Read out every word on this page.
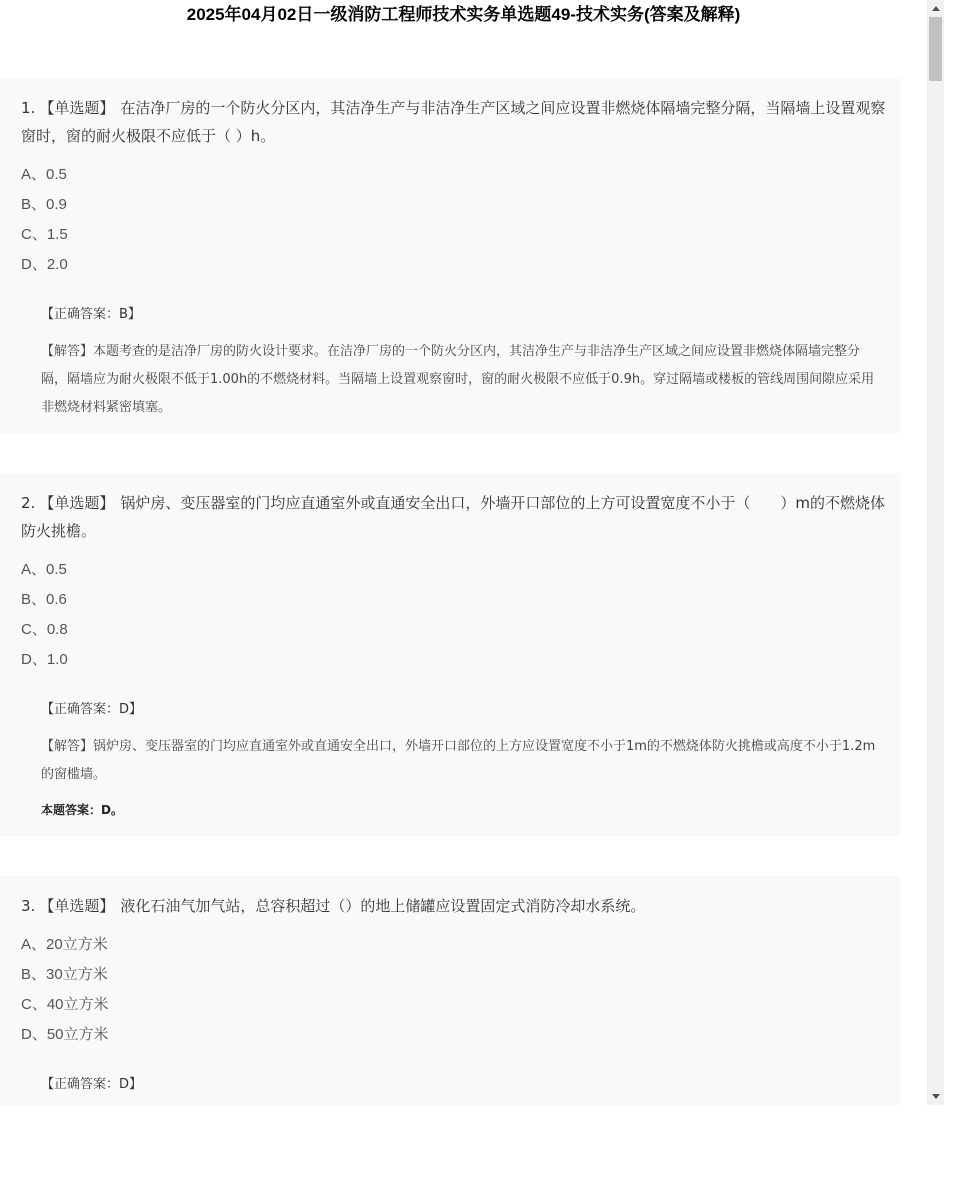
2025年04月02日一级消防工程师技术实务单选题49-技术实务(答案及解释)

1. 【单选题】 在洁净厂房的一个防火分区内，其洁净生产与非洁净生产区域之间应设置非燃烧体隔墙完整分隔，当隔墙上设置观察窗时，窗的耐火极限不应低于（ ）h。

A、0.5
B、0.9
C、1.5
D、2.0
【正确答案：B】
【解答】本题考查的是洁净厂房的防火设计要求。在洁净厂房的一个防火分区内，其洁净生产与非洁净生产区域之间应设置非燃烧体隔墙完整分隔，隔墙应为耐火极限不低于1.00h的不燃烧材料。当隔墙上设置观察窗时，窗的耐火极限不应低于0.9h。穿过隔墙或楼板的管线周围间隙应采用非燃烧材料紧密填塞。

2. 【单选题】 锅炉房、变压器室的门均应直通室外或直通安全出口，外墙开口部位的上方可设置宽度不小于（　　）m的不燃烧体防火挑檐。

A、0.5
B、0.6
C、0.8
D、1.0
【正确答案：D】
【解答】锅炉房、变压器室的门均应直通室外或直通安全出口，外墙开口部位的上方应设置宽度不小于1m的不燃烧体防火挑檐或高度不小于1.2m的窗槛墙。
本题答案：D。

3. 【单选题】 液化石油气加气站，总容积超过（）的地上储罐应设置固定式消防冷却水系统。

A、20立方米
B、30立方米
C、40立方米
D、50立方米
【正确答案：D】
